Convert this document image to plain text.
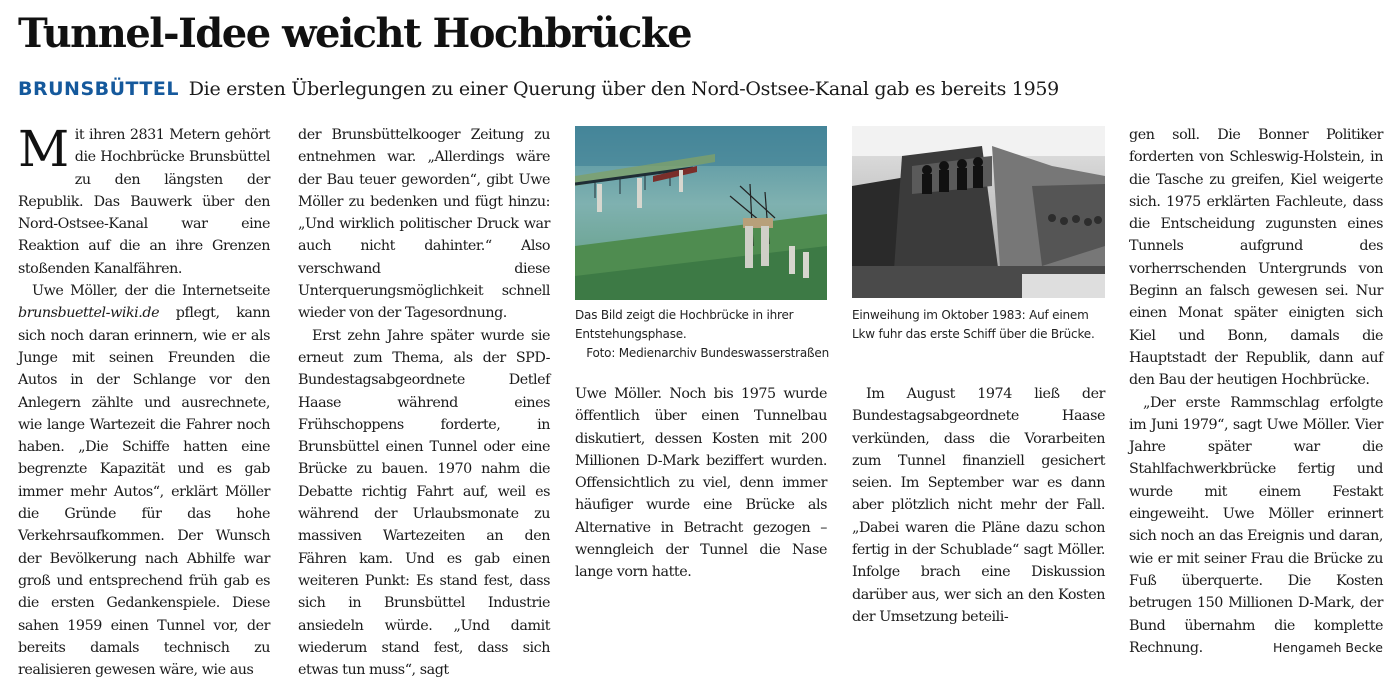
Tunnel-Idee weicht Hochbrücke
BRUNSBÜTTEL Die ersten Überlegungen zu einer Querung über den Nord-Ostsee-Kanal gab es bereits 1959

Mit ihren 2831 Metern gehört die Hochbrücke Brunsbüttel zu den längsten der Republik. Das Bauwerk über den Nord-Ostsee-Kanal war eine Reaktion auf die an ihre Grenzen stoßenden Kanalfähren.

Uwe Möller, der die Internetseite brunsbuettel-wiki.de pflegt, kann sich noch daran erinnern, wie er als Junge mit seinen Freunden die Autos in der Schlange vor den Anlegern zählte und ausrechnete, wie lange Wartezeit die Fahrer noch haben. „Die Schiffe hatten eine begrenzte Kapazität und es gab immer mehr Autos“, erklärt Möller die Gründe für das hohe Verkehrsaufkommen. Der Wunsch der Bevölkerung nach Abhilfe war groß und entsprechend früh gab es die ersten Gedankenspiele. Diese sahen 1959 einen Tunnel vor, der bereits damals technisch zu realisieren gewesen wäre, wie aus

der Brunsbüttelkooger Zeitung zu entnehmen war. „Allerdings wäre der Bau teuer geworden“, gibt Uwe Möller zu bedenken und fügt hinzu: „Und wirklich politischer Druck war auch nicht dahinter.“ Also verschwand diese Unterquerungsmöglichkeit schnell wieder von der Tagesordnung.

Erst zehn Jahre später wurde sie erneut zum Thema, als der SPD-Bundestagsabgeordnete Detlef Haase während eines Frühschoppens forderte, in Brunsbüttel einen Tunnel oder eine Brücke zu bauen. 1970 nahm die Debatte richtig Fahrt auf, weil es während der Urlaubsmonate zu massiven Wartezeiten an den Fähren kam. Und es gab einen weiteren Punkt: Es stand fest, dass sich in Brunsbüttel Industrie ansiedeln würde. „Und damit wiederum stand fest, dass sich etwas tun muss“, sagt

Das Bild zeigt die Hochbrücke in ihrer Entstehungsphase.
Foto: Medienarchiv Bundeswasserstraßen
Einweihung im Oktober 1983: Auf einem Lkw fuhr das erste Schiff über die Brücke.

Uwe Möller. Noch bis 1975 wurde öffentlich über einen Tunnelbau diskutiert, dessen Kosten mit 200 Millionen D-Mark beziffert wurden. Offensichtlich zu viel, denn immer häufiger wurde eine Brücke als Alternative in Betracht gezogen – wenngleich der Tunnel die Nase lange vorn hatte.

Im August 1974 ließ der Bundestagsabgeordnete Haase verkünden, dass die Vorarbeiten zum Tunnel finanziell gesichert seien. Im September war es dann aber plötzlich nicht mehr der Fall. „Dabei waren die Pläne dazu schon fertig in der Schublade“ sagt Möller. Infolge brach eine Diskussion darüber aus, wer sich an den Kosten der Umsetzung beteili-

gen soll. Die Bonner Politiker forderten von Schleswig-Holstein, in die Tasche zu greifen, Kiel weigerte sich. 1975 erklärten Fachleute, dass die Entscheidung zugunsten eines Tunnels aufgrund des vorherrschenden Untergrunds von Beginn an falsch gewesen sei. Nur einen Monat später einigten sich Kiel und Bonn, damals die Hauptstadt der Republik, dann auf den Bau der heutigen Hochbrücke.

„Der erste Rammschlag erfolgte im Juni 1979“, sagt Uwe Möller. Vier Jahre später war die Stahlfachwerkbrücke fertig und wurde mit einem Festakt eingeweiht. Uwe Möller erinnert sich noch an das Ereignis und daran, wie er mit seiner Frau die Brücke zu Fuß überquerte. Die Kosten betrugen 150 Millionen D-Mark, der Bund übernahm die komplette Rechnung.	Hengameh Becke
